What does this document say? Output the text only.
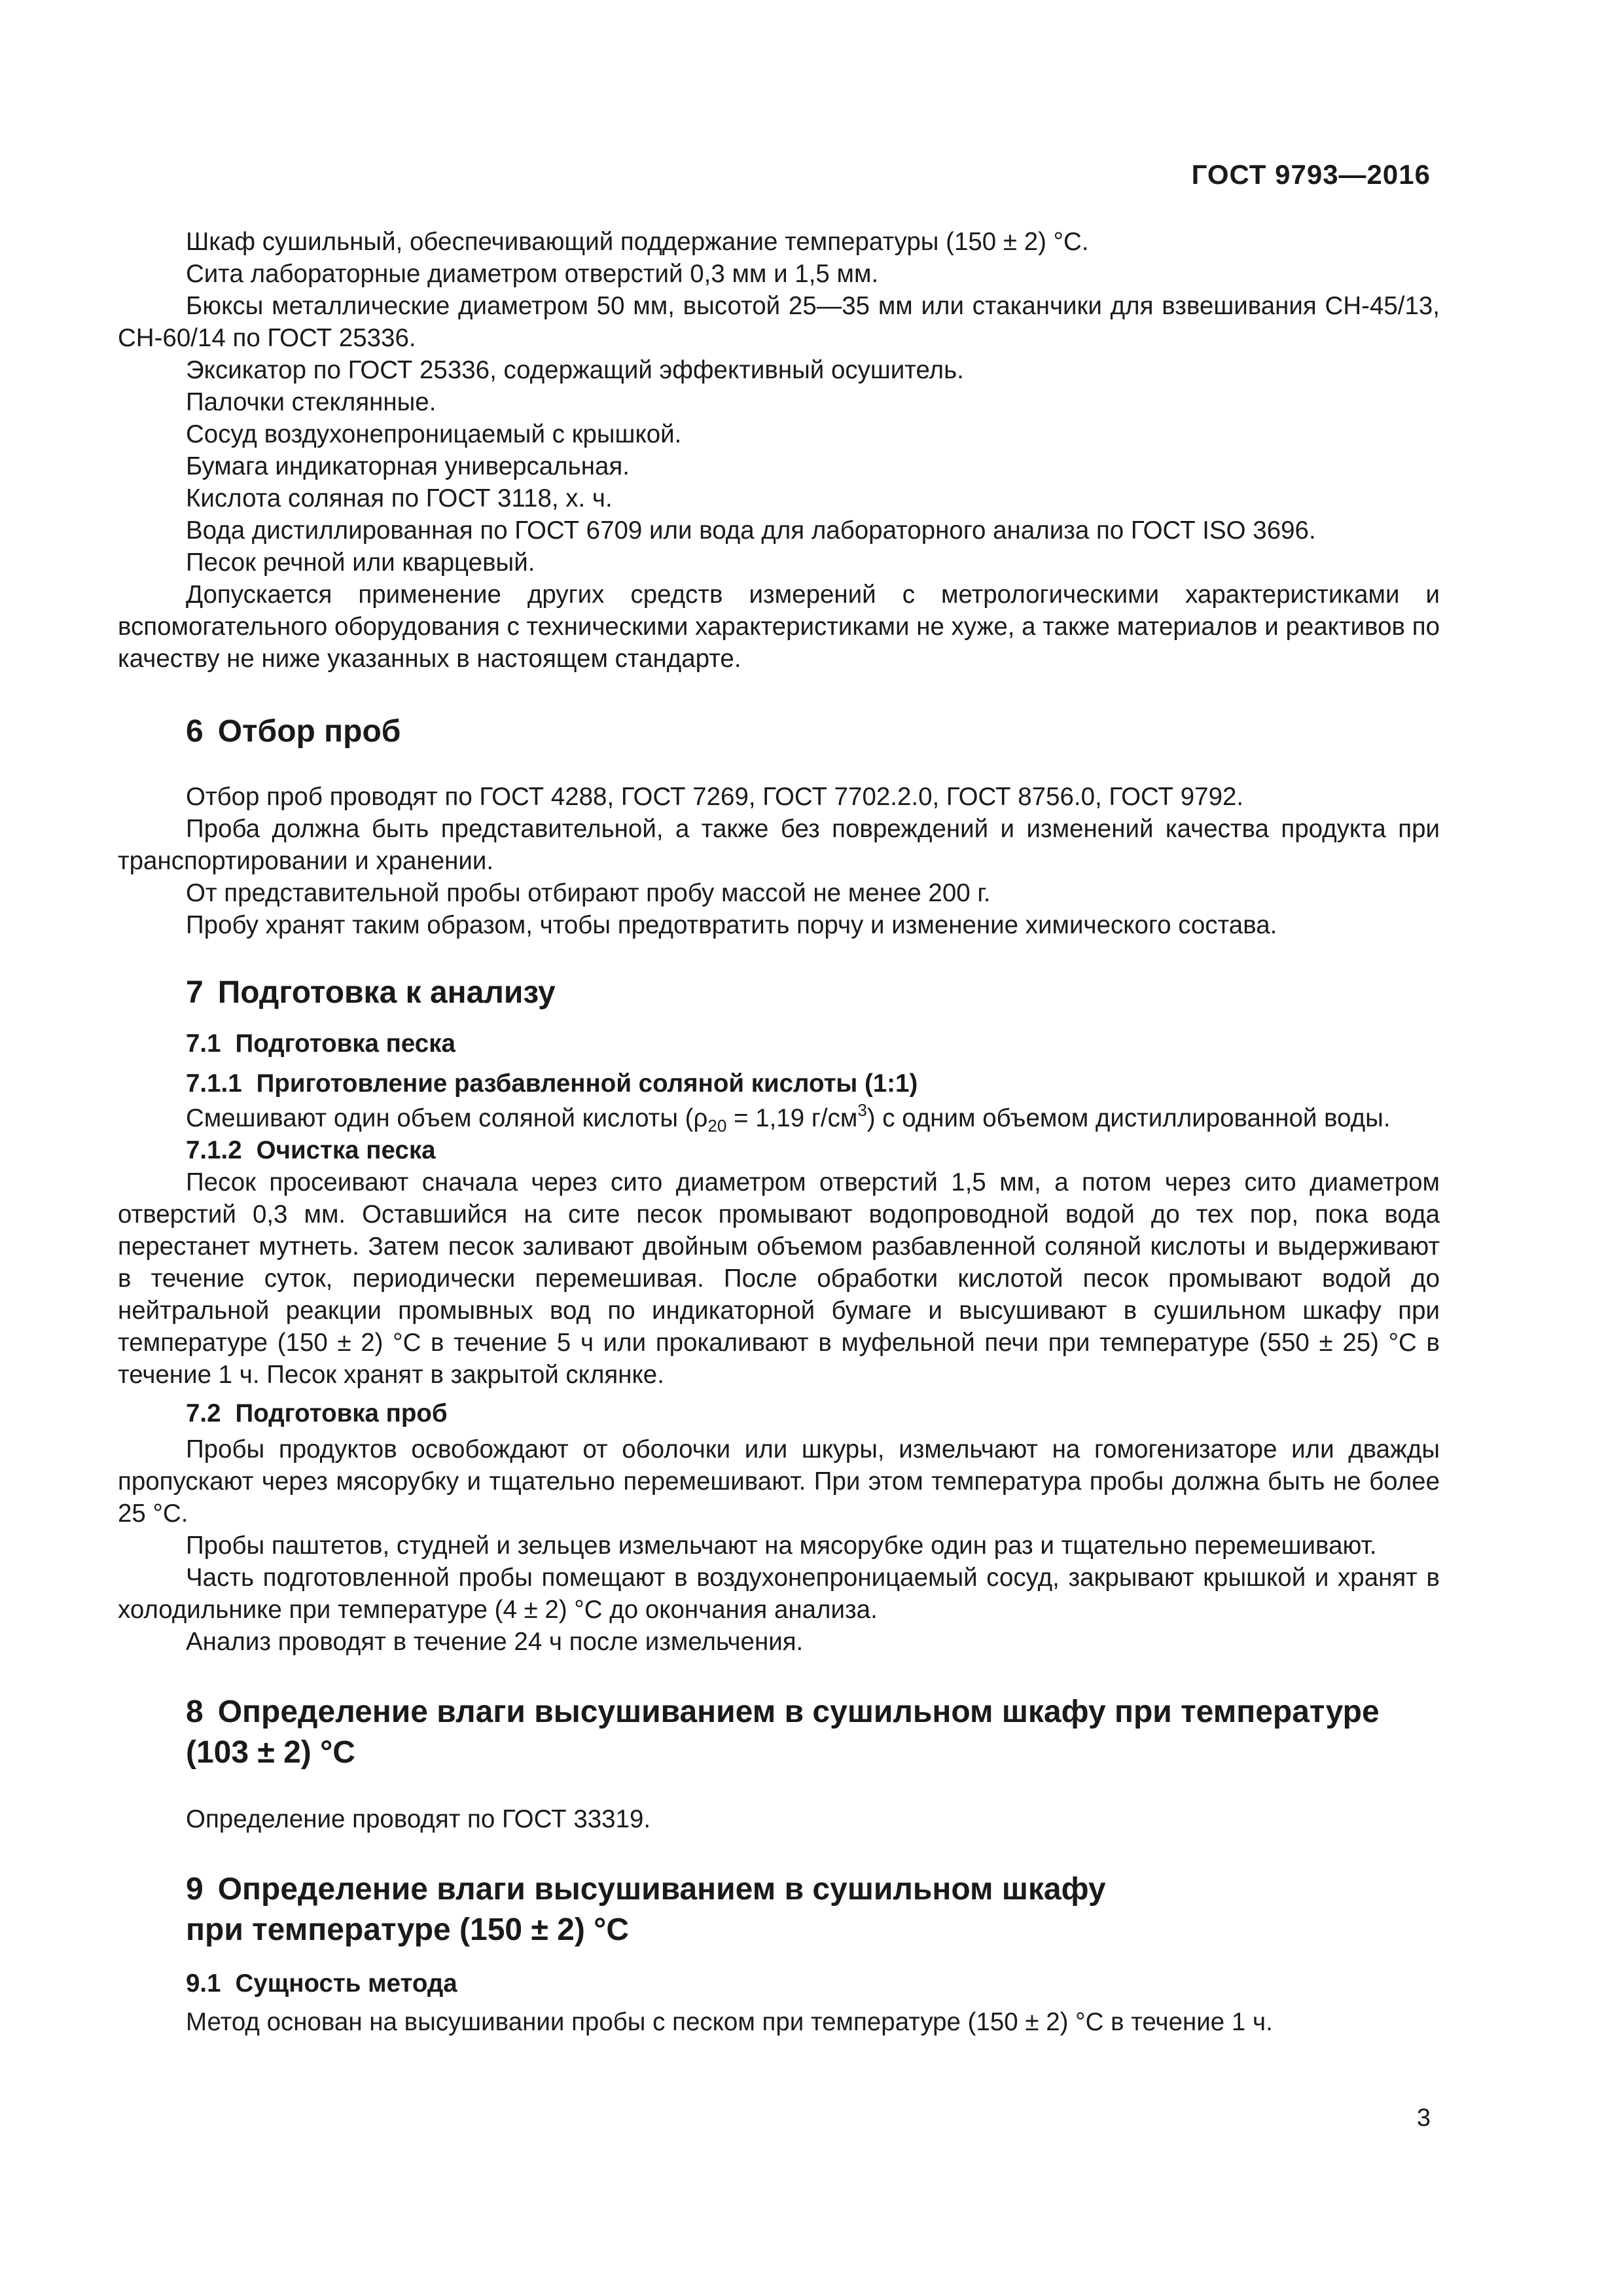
ГОСТ 9793—2016

Шкаф сушильный, обеспечивающий поддержание температуры (150 ± 2) °С.

Сита лабораторные диаметром отверстий 0,3 мм и 1,5 мм.

Бюксы металлические диаметром 50 мм, высотой 25—35 мм или стаканчики для взвешивания СН-45/13, СН-60/14 по ГОСТ 25336.

Эксикатор по ГОСТ 25336, содержащий эффективный осушитель.

Палочки стеклянные.

Сосуд воздухонепроницаемый с крышкой.

Бумага индикаторная универсальная.

Кислота соляная по ГОСТ 3118, х. ч.

Вода дистиллированная по ГОСТ 6709 или вода для лабораторного анализа по ГОСТ ISO 3696.

Песок речной или кварцевый.

Допускается применение других средств измерений с метрологическими характеристиками и вспомогательного оборудования с техническими характеристиками не хуже, а также материалов и реактивов по качеству не ниже указанных в настоящем стандарте.

6 Отбор проб

Отбор проб проводят по ГОСТ 4288, ГОСТ 7269, ГОСТ 7702.2.0, ГОСТ 8756.0, ГОСТ 9792.

Проба должна быть представительной, а также без повреждений и изменений качества продукта при транспортировании и хранении.

От представительной пробы отбирают пробу массой не менее 200 г.

Пробу хранят таким образом, чтобы предотвратить порчу и изменение химического состава.

7 Подготовка к анализу
7.1 Подготовка песка
7.1.1 Приготовление разбавленной соляной кислоты (1:1)

Смешивают один объем соляной кислоты ($\rho_{20} = 1,19$ $г/см^3$) с одним объемом дистиллированной воды.

7.1.2 Очистка песка

Песок просеивают сначала через сито диаметром отверстий 1,5 мм, а потом через сито диаметром отверстий 0,3 мм. Оставшийся на сите песок промывают водопроводной водой до тех пор, пока вода перестанет мутнеть. Затем песок заливают двойным объемом разбавленной соляной кислоты и выдерживают в течение суток, периодически перемешивая. После обработки кислотой песок промывают водой до нейтральной реакции промывных вод по индикаторной бумаге и высушивают в сушильном шкафу при температуре (150 ± 2) °С в течение 5 ч или прокаливают в муфельной печи при температуре (550 ± 25) °С в течение 1 ч. Песок хранят в закрытой склянке.

7.2 Подготовка проб

Пробы продуктов освобождают от оболочки или шкуры, измельчают на гомогенизаторе или дважды пропускают через мясорубку и тщательно перемешивают. При этом температура пробы должна быть не более 25 °С.

Пробы паштетов, студней и зельцев измельчают на мясорубке один раз и тщательно перемешивают.

Часть подготовленной пробы помещают в воздухонепроницаемый сосуд, закрывают крышкой и хранят в холодильнике при температуре (4 ± 2) °С до окончания анализа.

Анализ проводят в течение 24 ч после измельчения.

8 Определение влаги высушиванием в сушильном шкафу при температуре
(103 ± 2) °С

Определение проводят по ГОСТ 33319.

9 Определение влаги высушиванием в сушильном шкафу
при температуре (150 ± 2) °С
9.1 Сущность метода

Метод основан на высушивании пробы с песком при температуре (150 ± 2) °С в течение 1 ч.

3
